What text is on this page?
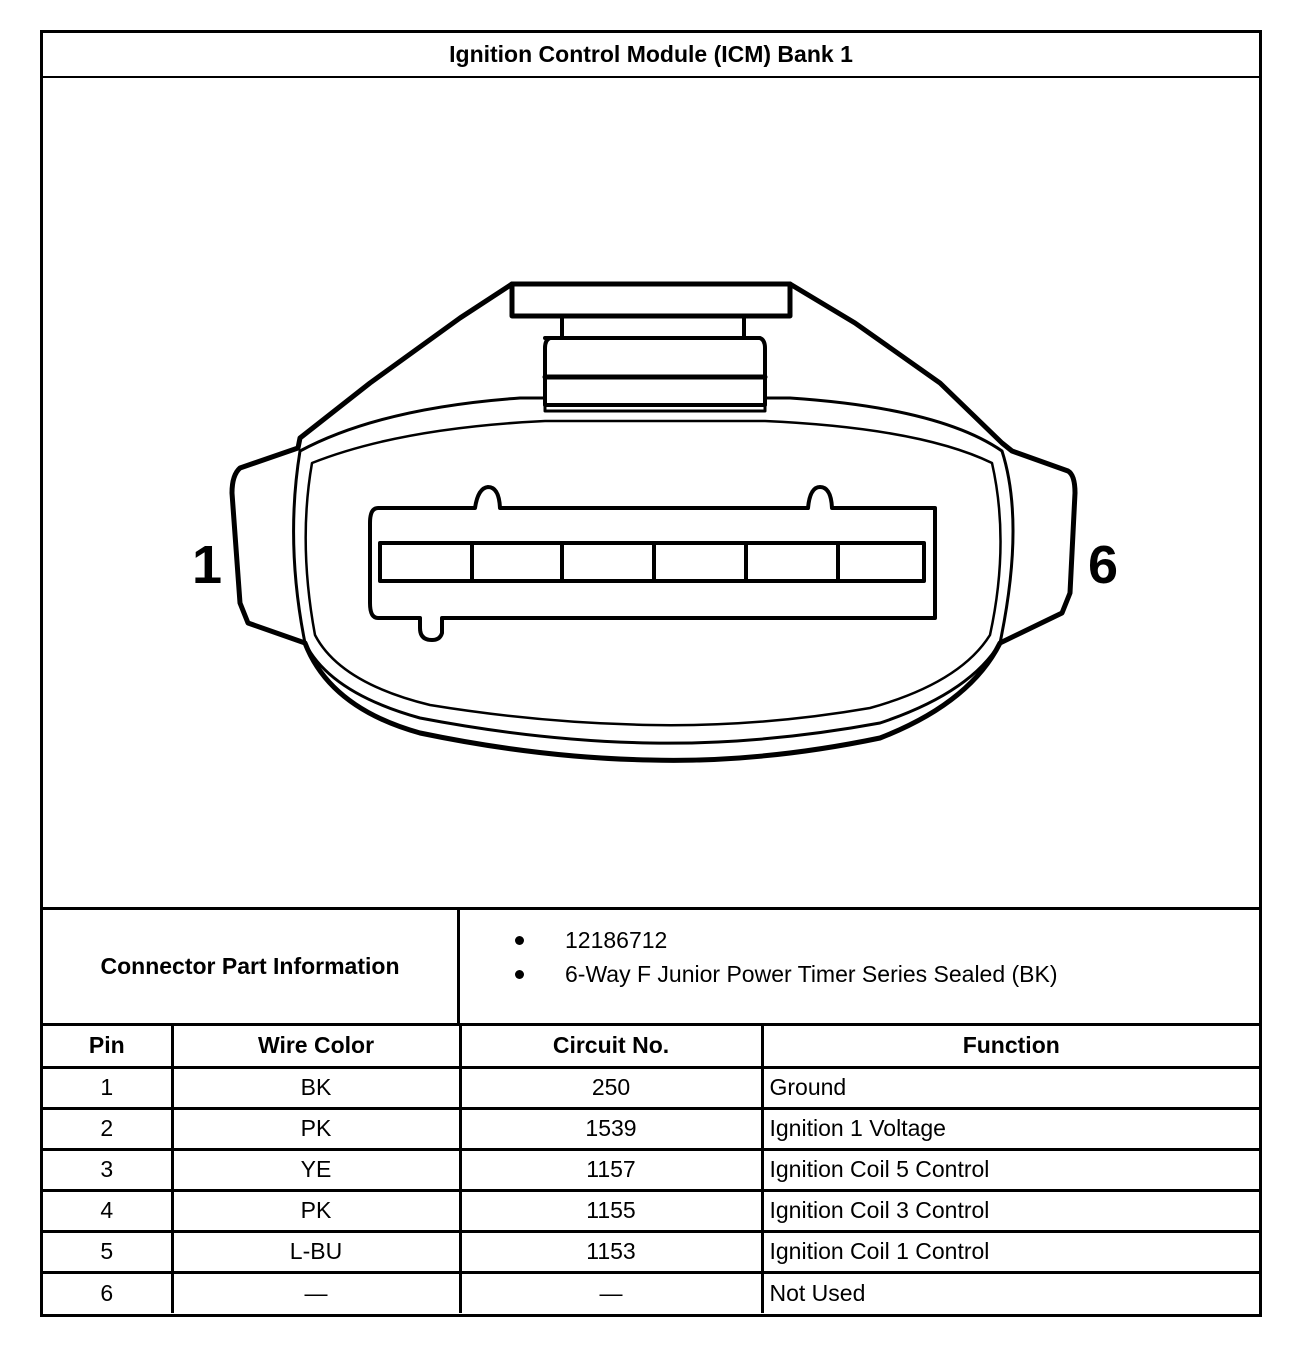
Ignition Control Module (ICM) Bank 1
1	6
Connector Part Information
12186712
6-Way F Junior Power Timer Series Sealed (BK)
Pin	Wire Color	Circuit No.	Function
1	BK	250	Ground
2	PK	1539	Ignition 1 Voltage
3	YE	1157	Ignition Coil 5 Control
4	PK	1155	Ignition Coil 3 Control
5	L-BU	1153	Ignition Coil 1 Control
6	—	—	Not Used
